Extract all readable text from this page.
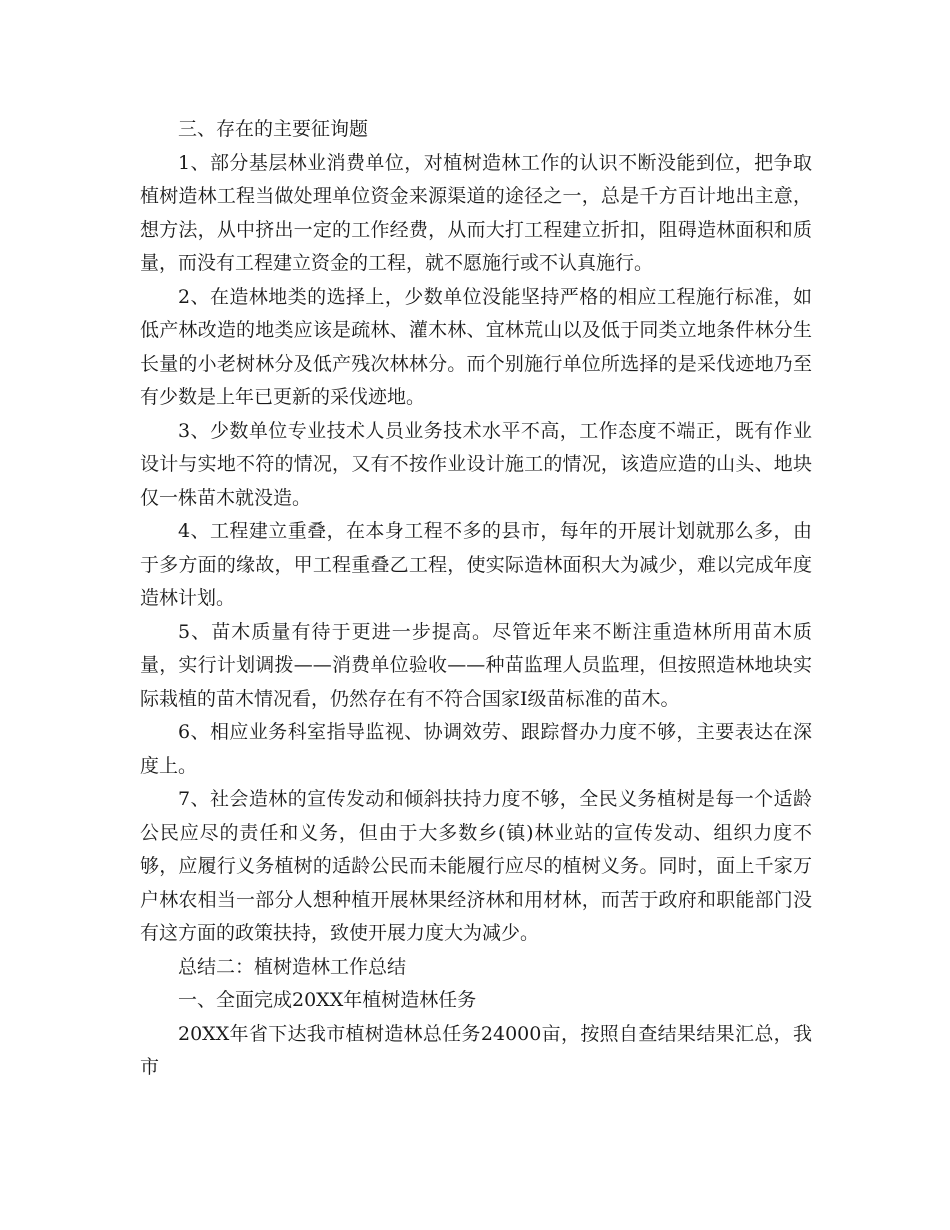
三、存在的主要征询题

1、部分基层林业消费单位，对植树造林工作的认识不断没能到位，把争取植树造林工程当做处理单位资金来源渠道的途径之一，总是千方百计地出主意，想方法，从中挤出一定的工作经费，从而大打工程建立折扣，阻碍造林面积和质量，而没有工程建立资金的工程，就不愿施行或不认真施行。

2、在造林地类的选择上，少数单位没能坚持严格的相应工程施行标准，如低产林改造的地类应该是疏林、灌木林、宜林荒山以及低于同类立地条件林分生长量的小老树林分及低产残次林林分。而个别施行单位所选择的是采伐迹地乃至有少数是上年已更新的采伐迹地。

3、少数单位专业技术人员业务技术水平不高，工作态度不端正，既有作业设计与实地不符的情况，又有不按作业设计施工的情况，该造应造的山头、地块仅一株苗木就没造。

4、工程建立重叠，在本身工程不多的县市，每年的开展计划就那么多，由于多方面的缘故，甲工程重叠乙工程，使实际造林面积大为减少，难以完成年度造林计划。

5、苗木质量有待于更进一步提高。尽管近年来不断注重造林所用苗木质量，实行计划调拨——消费单位验收——种苗监理人员监理，但按照造林地块实际栽植的苗木情况看，仍然存在有不符合国家Ⅰ级苗标准的苗木。

6、相应业务科室指导监视、协调效劳、跟踪督办力度不够，主要表达在深度上。

7、社会造林的宣传发动和倾斜扶持力度不够，全民义务植树是每一个适龄公民应尽的责任和义务，但由于大多数乡(镇)林业站的宣传发动、组织力度不够，应履行义务植树的适龄公民而未能履行应尽的植树义务。同时，面上千家万户林农相当一部分人想种植开展林果经济林和用材林，而苦于政府和职能部门没有这方面的政策扶持，致使开展力度大为减少。

总结二：植树造林工作总结

一、全面完成20XX年植树造林任务

20XX年省下达我市植树造林总任务24000亩，按照自查结果结果汇总，我市
